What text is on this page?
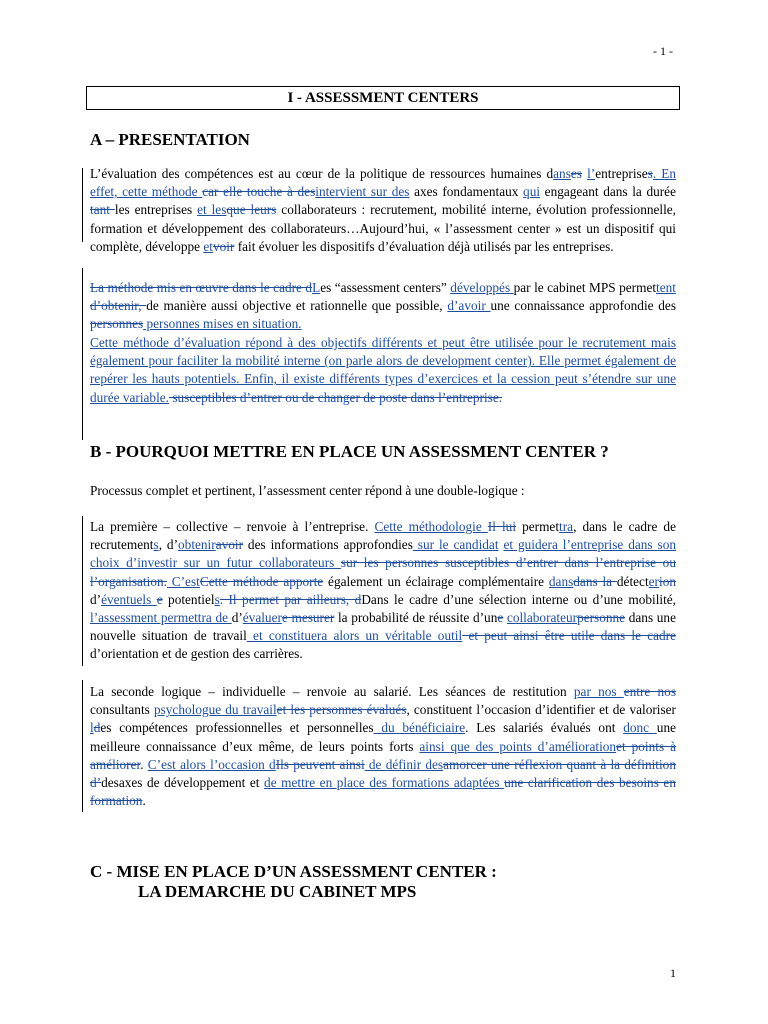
- 1 -
I - ASSESSMENT CENTERS
A – PRESENTATION
L’évaluation des compétences est au cœur de la politique de ressources humaines danses l’entreprises. En effet, cette méthode car elle touche à desintervient sur des axes fondamentaux qui engageant dans la durée tant les entreprises et lesque leurs collaborateurs : recrutement, mobilité interne, évolution professionnelle, formation et développement des collaborateurs…Aujourd’hui, « l’assessment center » est un dispositif qui complète, développe etvoir fait évoluer les dispositifs d’évaluation déjà utilisés par les entreprises.
La méthode mis en œuvre dans le cadre dLes “assessment centers” développés par le cabinet MPS permettent d’obtenir, de manière aussi objective et rationnelle que possible, d’avoir une connaissance approfondie des personnes personnes mises en situation.
Cette méthode d’évaluation répond à des objectifs différents et peut être utilisée pour le recrutement mais également pour faciliter la mobilité interne (on parle alors de development center). Elle permet également de repérer les hauts potentiels. Enfin, il existe différents types d’exercices et la cession peut s’étendre sur une durée variable. susceptibles d’entrer ou de changer de poste dans l’entreprise.
B - POURQUOI METTRE EN PLACE UN ASSESSMENT CENTER ?
Processus complet et pertinent, l’assessment center répond à une double-logique :
La première – collective – renvoie à l’entreprise. Cette méthodologie Il lui permettra, dans le cadre de recrutements, d’obteniravoir des informations approfondies sur le candidat et guidera l’entreprise dans son choix d’investir sur un futur collaborateurs sur les personnes susceptibles d’entrer dans l’entreprise ou l’organisation. C’estCette méthode apporte également un éclairage complémentaire dansdans la détecterion d’éventuels e potentiels. Il permet par ailleurs, dDans le cadre d’une sélection interne ou d’une mobilité, l’assessment permettra de d’évaluere mesurer la probabilité de réussite d’une collaborateurpersonne dans une nouvelle situation de travail et constituera alors un véritable outil et peut ainsi être utile dans le cadre d’orientation et de gestion des carrières.
La seconde logique – individuelle – renvoie au salarié. Les séances de restitution par nos entre nos consultants psychologue du travailet les personnes évalués, constituent l’occasion d’identifier et de valoriser ldes compétences professionnelles et personnelles du bénéficiaire. Les salariés évalués ont donc une meilleure connaissance d’eux même, de leurs points forts ainsi que des points d’améliorationet points à améliorer. C’est alors l’occasion dIls peuvent ainsi de définir desamorcer une réflexion quant à la définition d’desaxes de développement et de mettre en place des formations adaptées une clarification des besoins en formation.
C - MISE EN PLACE D’UN ASSESSMENT CENTER :
LA DEMARCHE DU CABINET MPS
1
